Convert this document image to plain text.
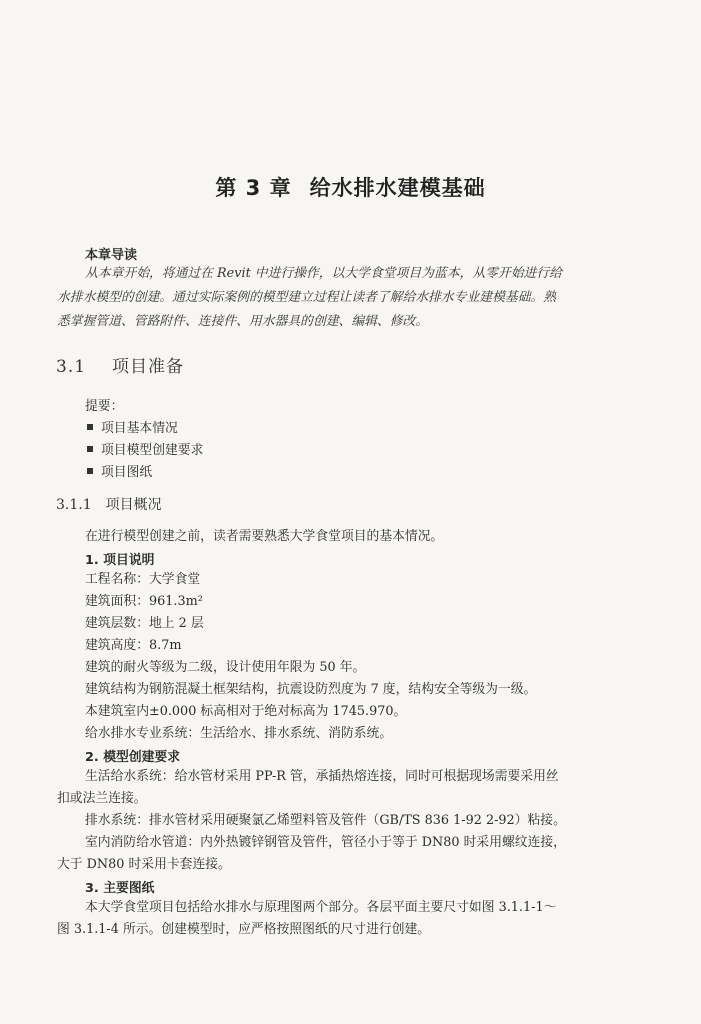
第 3 章 给水排水建模基础
本章导读
从本章开始，将通过在 Revit 中进行操作，以大学食堂项目为蓝本，从零开始进行给
水排水模型的创建。通过实际案例的模型建立过程让读者了解给水排水专业建模基础。熟
悉掌握管道、管路附件、连接件、用水器具的创建、编辑、修改。
3.1 项目准备
提要：
项目基本情况
项目模型创建要求
项目图纸
3.1.1 项目概况
在进行模型创建之前，读者需要熟悉大学食堂项目的基本情况。
1. 项目说明
工程名称：大学食堂
建筑面积：961.3m²
建筑层数：地上 2 层
建筑高度：8.7m
建筑的耐火等级为二级，设计使用年限为 50 年。
建筑结构为钢筋混凝土框架结构，抗震设防烈度为 7 度，结构安全等级为一级。
本建筑室内±0.000 标高相对于绝对标高为 1745.970。
给水排水专业系统：生活给水、排水系统、消防系统。
2. 模型创建要求
生活给水系统：给水管材采用 PP-R 管，承插热熔连接，同时可根据现场需要采用丝
扣或法兰连接。
排水系统：排水管材采用硬聚氯乙烯塑料管及管件（GB/TS 836 1-92 2-92）粘接。
室内消防给水管道：内外热镀锌钢管及管件，管径小于等于 DN80 时采用螺纹连接，
大于 DN80 时采用卡套连接。
3. 主要图纸
本大学食堂项目包括给水排水与原理图两个部分。各层平面主要尺寸如图 3.1.1-1～
图 3.1.1-4 所示。创建模型时，应严格按照图纸的尺寸进行创建。
